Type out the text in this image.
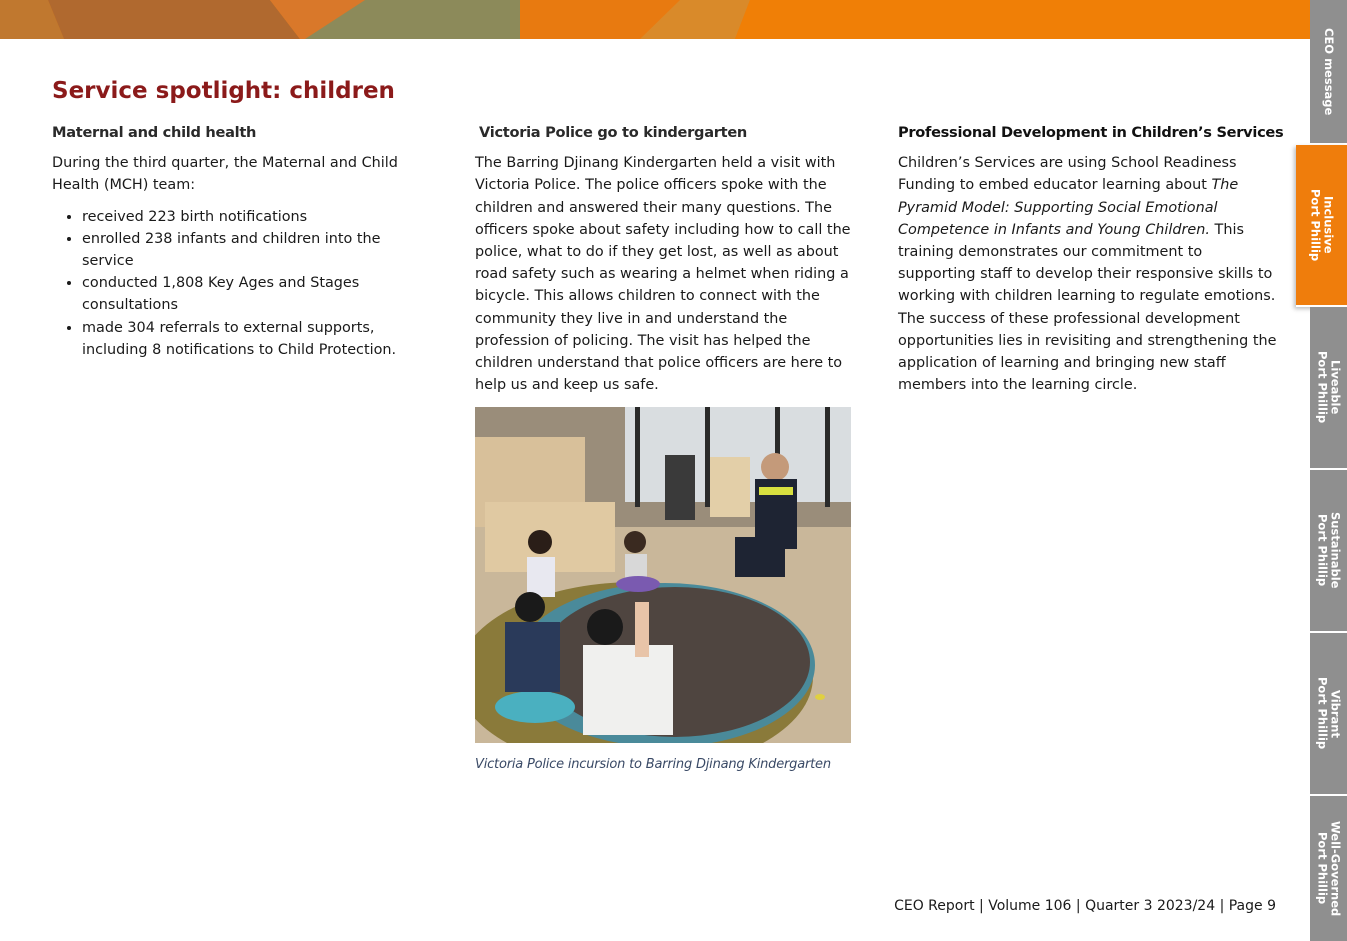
Service spotlight: children
Maternal and child health

During the third quarter, the Maternal and Child Health (MCH) team:

• received 223 birth notifications
• enrolled 238 infants and children into the service
• conducted 1,808 Key Ages and Stages consultations
• made 304 referrals to external supports, including 8 notifications to Child Protection.
Victoria Police go to kindergarten

The Barring Djinang Kindergarten held a visit with Victoria Police. The police officers spoke with the children and answered their many questions. The officers spoke about safety including how to call the police, what to do if they get lost, as well as about road safety such as wearing a helmet when riding a bicycle. This allows children to connect with the community they live in and understand the profession of policing. The visit has helped the children understand that police officers are here to help us and keep us safe.

Victoria Police incursion to Barring Djinang Kindergarten
Professional Development in Children’s Services

Children’s Services are using School Readiness Funding to embed educator learning about The Pyramid Model: Supporting Social Emotional Competence in Infants and Young Children. This training demonstrates our commitment to supporting staff to develop their responsive skills to working with children learning to regulate emotions. The success of these professional development opportunities lies in revisiting and strengthening the application of learning and bringing new staff members into the learning circle.

CEO Report | Volume 106 | Quarter 3 2023/24 | Page 9
CEO message
Inclusive
Port Phillip
Liveable
Port Phillip
Sustainable
Port Phillip
Vibrant
Port Phillip
Well-Governed
Port Phillip
